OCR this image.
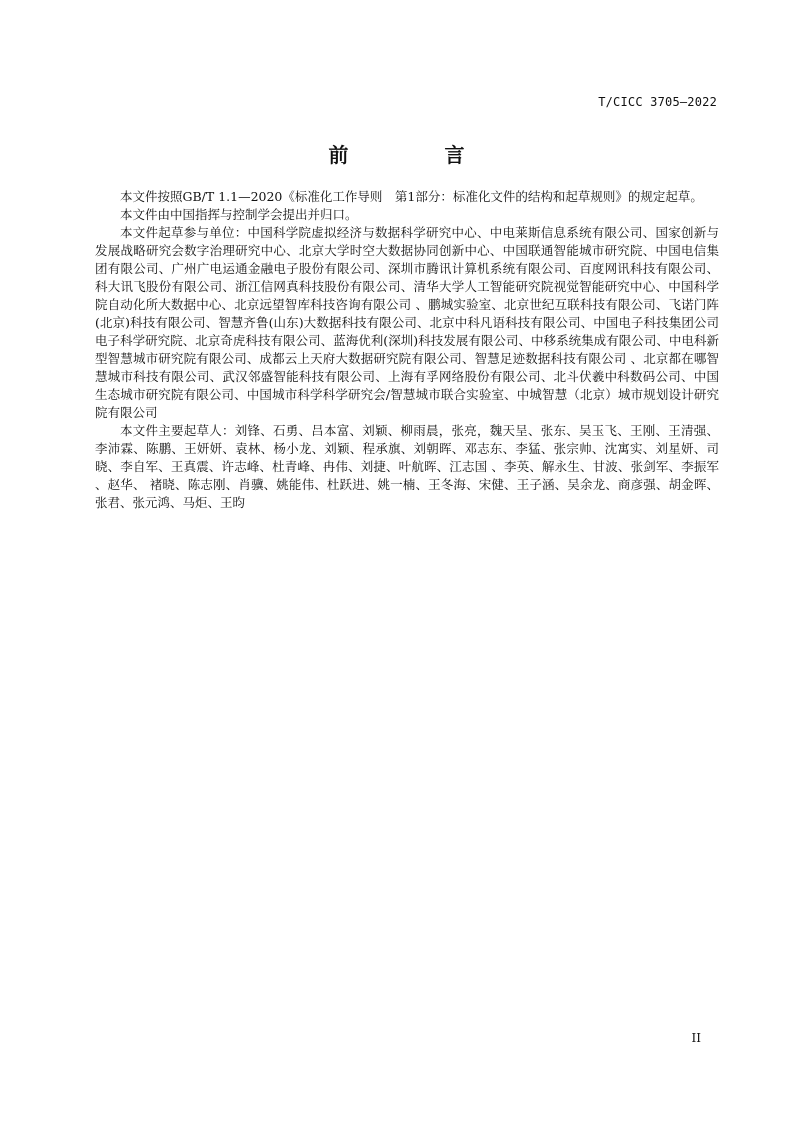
T/CICC 3705—2022
前　言

本文件按照GB/T 1.1—2020《标准化工作导则　第1部分：标准化文件的结构和起草规则》的规定起草。

本文件由中国指挥与控制学会提出并归口。

本文件起草参与单位：中国科学院虚拟经济与数据科学研究中心、中电莱斯信息系统有限公司、国家创新与发展战略研究会数字治理研究中心、北京大学时空大数据协同创新中心、中国联通智能城市研究院、中国电信集团有限公司、广州广电运通金融电子股份有限公司、深圳市腾讯计算机系统有限公司、百度网讯科技有限公司、 科大讯飞股份有限公司、浙江信网真科技股份有限公司、清华大学人工智能研究院视觉智能研究中心、中国科学院自动化所大数据中心、北京远望智库科技咨询有限公司 、鹏城实验室、北京世纪互联科技有限公司、飞诺门阵(北京)科技有限公司、智慧齐鲁(山东)大数据科技有限公司、北京中科凡语科技有限公司、中国电子科技集团公司电子科学研究院、北京奇虎科技有限公司、蓝海优利(深圳)科技发展有限公司、中移系统集成有限公司、中电科新型智慧城市研究院有限公司、成都云上天府大数据研究院有限公司、智慧足迹数据科技有限公司 、北京都在哪智慧城市科技有限公司、武汉邻盛智能科技有限公司、上海有孚网络股份有限公司、北斗伏羲中科数码公司、中国生态城市研究院有限公司、中国城市科学科学研究会/智慧城市联合实验室、中城智慧（北京）城市规划设计研究院有限公司

本文件主要起草人：刘锋、石勇、吕本富、刘颖、柳雨晨，张亮，魏天呈、张东、吴玉飞、王刚、王清强、李沛霖、陈鹏、王妍妍、袁林、杨小龙、刘颖、程承旗、刘朝晖、邓志东、李猛、张宗帅、沈寓实、刘星妍、司晓、李自军、王真震、许志峰、杜青峰、冉伟、刘捷、叶航晖、江志国 、李英、解永生、甘波、张剑军、李振军 、赵华、 褚晓、陈志刚、肖骥、姚能伟、杜跃进、姚一楠、王冬海、宋健、王子涵、吴余龙、商彦强、胡金晖、张君、张元鸿、马炬、王昀

II
